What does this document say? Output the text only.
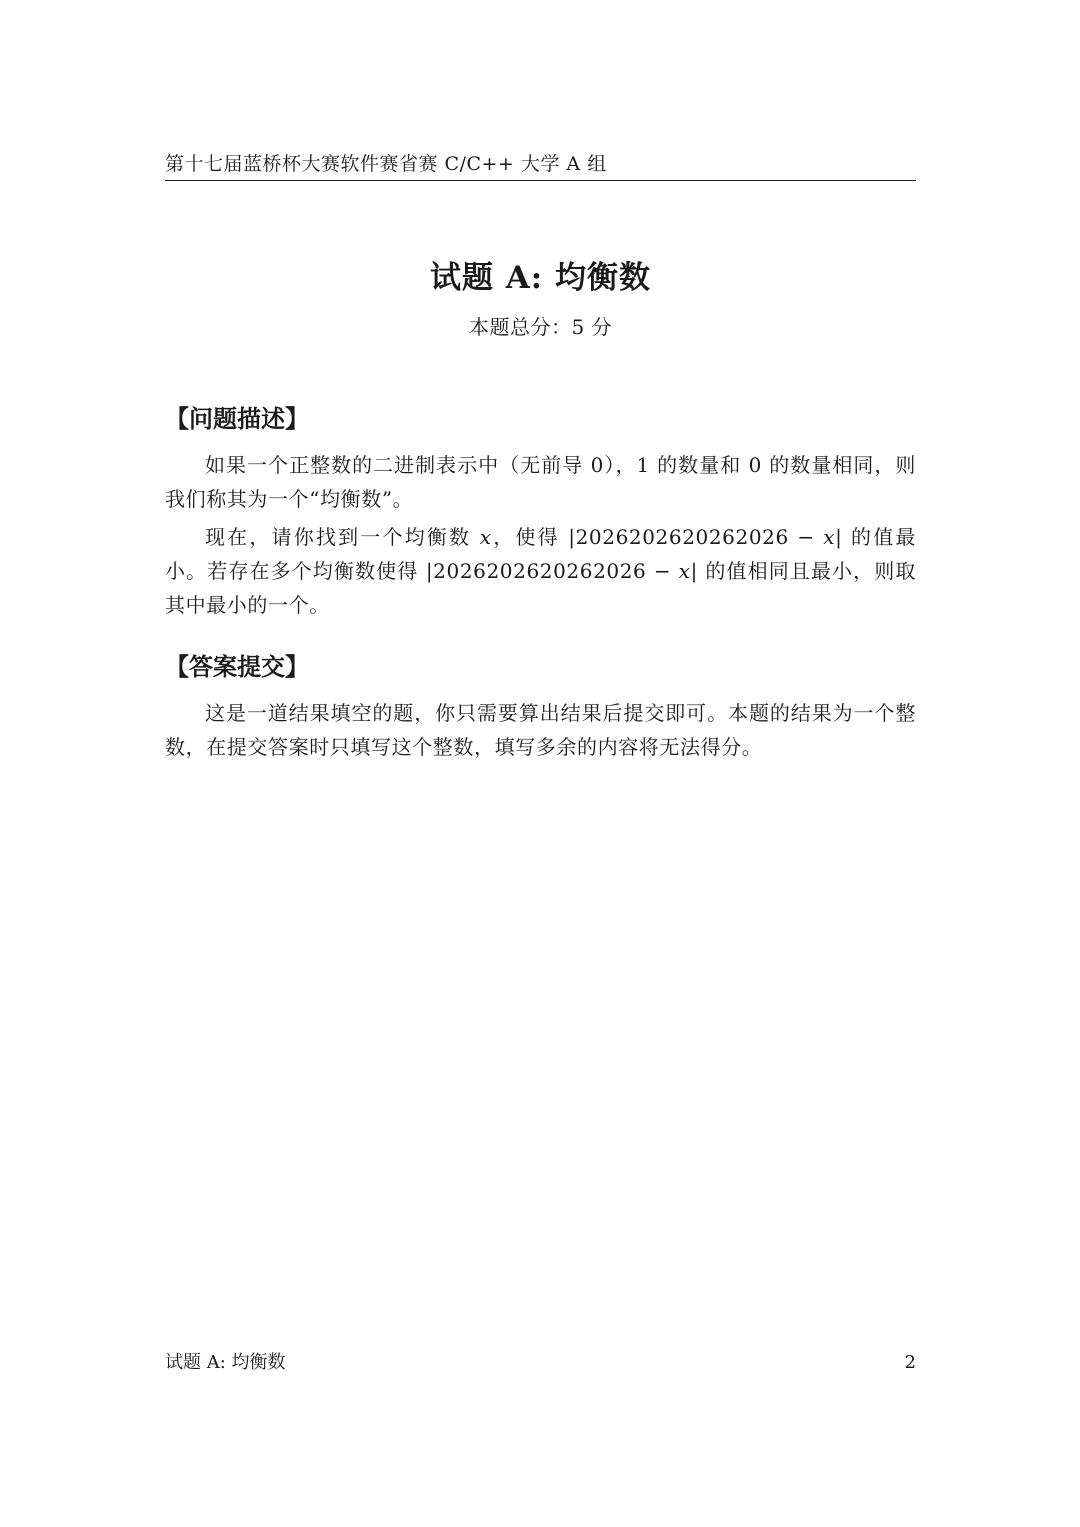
第十七届蓝桥杯大赛软件赛省赛 C/C++ 大学 A 组
试题 A: 均衡数
本题总分：5 分
【问题描述】

如果一个正整数的二进制表示中（无前导 0），1 的数量和 0 的数量相同，则我们称其为一个“均衡数”。

现在，请你找到一个均衡数 x，使得 |2026202620262026 − x| 的值最小。若存在多个均衡数使得 |2026202620262026 − x| 的值相同且最小，则取其中最小的一个。

【答案提交】

这是一道结果填空的题，你只需要算出结果后提交即可。本题的结果为一个整数，在提交答案时只填写这个整数，填写多余的内容将无法得分。

试题 A: 均衡数	2
